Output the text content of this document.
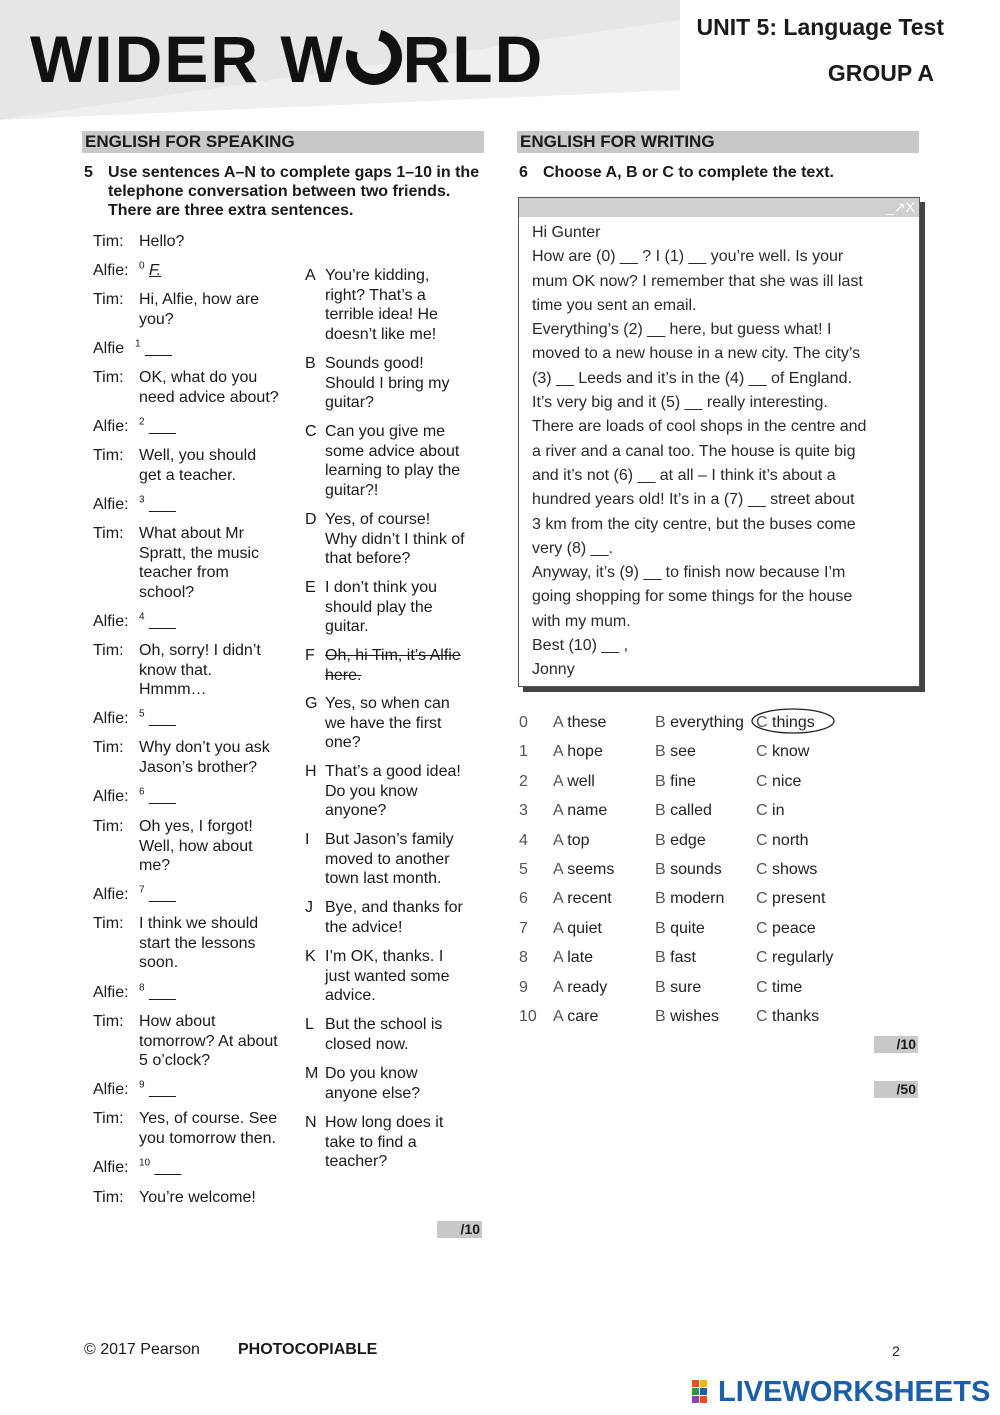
WIDER W RLD	UNIT 5: Language Test
GROUP A
ENGLISH FOR SPEAKING
5 Use sentences A–N to complete gaps 1–10 in the telephone conversation between two friends. There are three extra sentences.
Tim: Hello?
Alfie: $^0$ F.
Tim: Hi, Alfie, how are
you?
Alfie $^1$ ___
Tim: OK, what do you
need advice about?
Alfie: $^2$ ___
Tim: Well, you should
get a teacher.
Alfie: $^3$ ___
Tim: What about Mr
Spratt, the music
teacher from
school?
Alfie: $^4$ ___
Tim: Oh, sorry! I didn’t
know that.
Hmmm…
Alfie: $^5$ ___
Tim: Why don’t you ask
Jason’s brother?
Alfie: $^6$ ___
Tim: Oh yes, I forgot!
Well, how about
me?
Alfie: $^7$ ___
Tim: I think we should
start the lessons
soon.
Alfie: $^8$ ___
Tim: How about
tomorrow? At about
5 o’clock?
Alfie: $^9$ ___
Tim: Yes, of course. See
you tomorrow then.
Alfie: $^{10}$ ___
Tim: You’re welcome!
A You’re kidding,
right? That’s a
terrible idea! He
doesn’t like me!
B Sounds good!
Should I bring my
guitar?
C Can you give me
some advice about
learning to play the
guitar?!
D Yes, of course!
Why didn’t I think of
that before?
E I don’t think you
should play the
guitar.
F Oh, hi Tim, it’s Alfie
here.
G Yes, so when can
we have the first
one?
H That’s a good idea!
Do you know
anyone?
I But Jason’s family
moved to another
town last month.
J Bye, and thanks for
the advice!
K I’m OK, thanks. I
just wanted some
advice.
L But the school is
closed now.
M Do you know
anyone else?
N How long does it
take to find a
teacher?
/10
ENGLISH FOR WRITING
6 Choose A, B or C to complete the text.
_↗X
Hi Gunter
How are (0) __ ? I (1) __ you’re well. Is your
mum OK now? I remember that she was ill last
time you sent an email.
Everything’s (2) __ here, but guess what! I
moved to a new house in a new city. The city’s
(3) __ Leeds and it’s in the (4) __ of England.
It’s very big and it (5) __ really interesting.
There are loads of cool shops in the centre and
a river and a canal too. The house is quite big
and it’s not (6) __ at all – I think it’s about a
hundred years old! It’s in a (7) __ street about
3 km from the city centre, but the buses come
very (8) __.
Anyway, it’s (9) __ to finish now because I’m
going shopping for some things for the house
with my mum.
Best (10) __ ,
Jonny
0 A these	B everything C things
1 A hope	B see	C know
2 A well	B fine	C nice
3 A name	B called	C in
4 A top	B edge	C north
5 A seems	B sounds C shows
6 A recent	B modern C present
7 A quiet	B quite	C peace
8 A late	B fast	C regularly
9 A ready	B sure	C time
10 A care	B wishes C thanks
/10
/50
© 2017 Pearson PHOTOCOPIABLE	2
LIVEWORKSHEETS
